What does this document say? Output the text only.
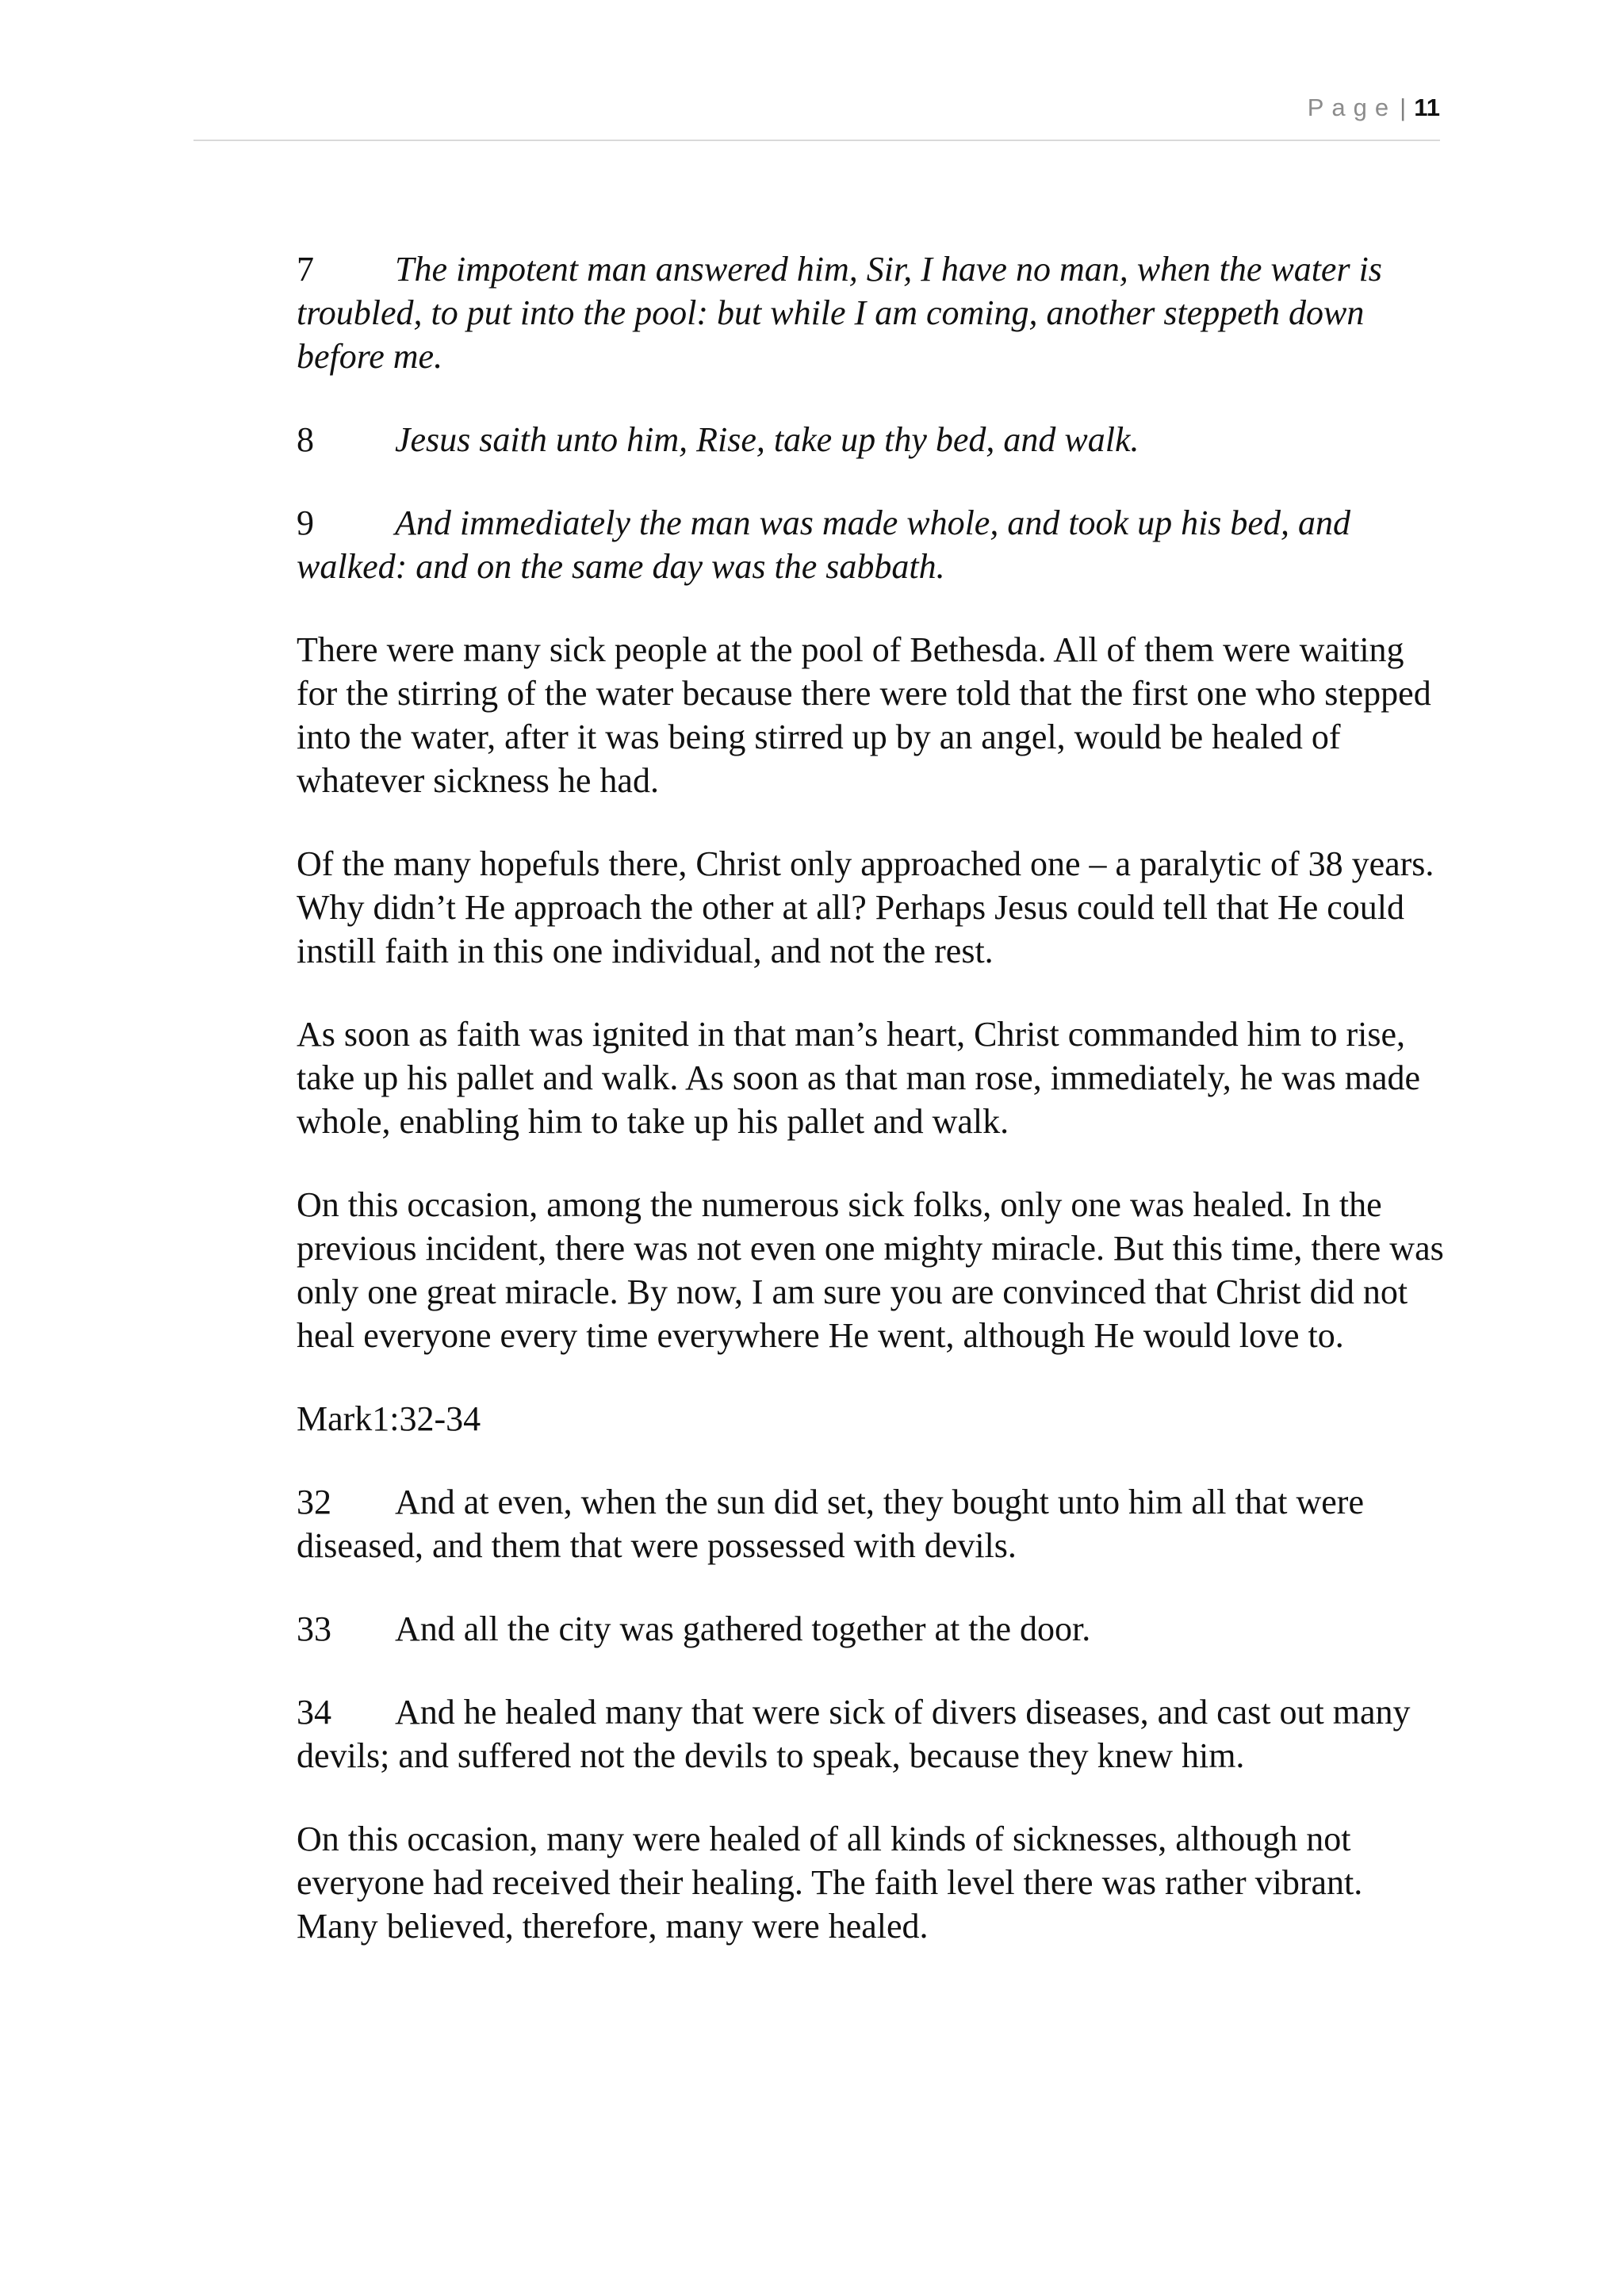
Page | 11

7 The impotent man answered him, Sir, I have no man, when the water is troubled, to put into the pool: but while I am coming, another steppeth down before me.

8 Jesus saith unto him, Rise, take up thy bed, and walk.

9 And immediately the man was made whole, and took up his bed, and walked: and on the same day was the sabbath.

There were many sick people at the pool of Bethesda. All of them were waiting for the stirring of the water because there were told that the first one who stepped into the water, after it was being stirred up by an angel, would be healed of whatever sickness he had.

Of the many hopefuls there, Christ only approached one – a paralytic of 38 years. Why didn’t He approach the other at all? Perhaps Jesus could tell that He could instill faith in this one individual, and not the rest.

As soon as faith was ignited in that man’s heart, Christ commanded him to rise, take up his pallet and walk. As soon as that man rose, immediately, he was made whole, enabling him to take up his pallet and walk.

On this occasion, among the numerous sick folks, only one was healed. In the previous incident, there was not even one mighty miracle. But this time, there was only one great miracle. By now, I am sure you are convinced that Christ did not heal everyone every time everywhere He went, although He would love to.

Mark1:32-34

32 And at even, when the sun did set, they bought unto him all that were diseased, and them that were possessed with devils.

33 And all the city was gathered together at the door.

34 And he healed many that were sick of divers diseases, and cast out many devils; and suffered not the devils to speak, because they knew him.

On this occasion, many were healed of all kinds of sicknesses, although not everyone had received their healing. The faith level there was rather vibrant. Many believed, therefore, many were healed.
